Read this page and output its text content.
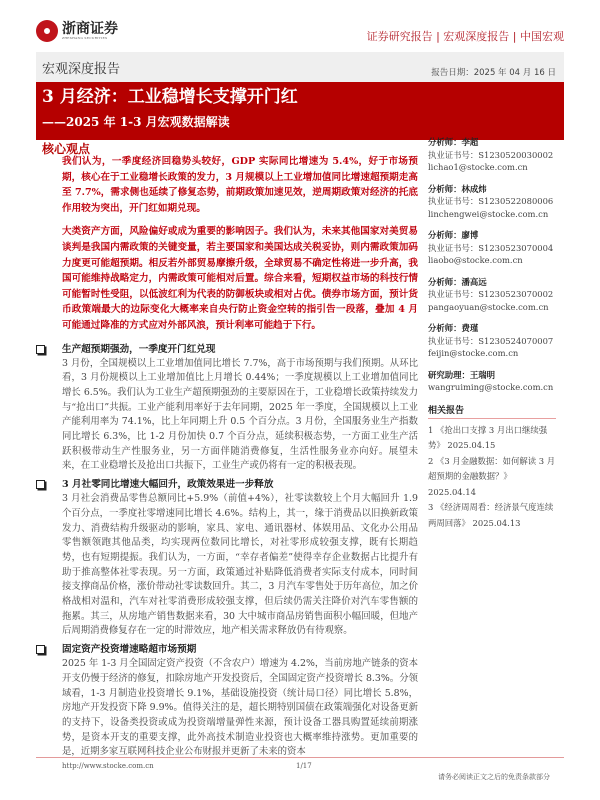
浙商证券
ZHESHANG SECURITIES	证券研究报告 | 宏观深度报告 | 中国宏观
宏观深度报告	报告日期：2025 年 04 月 16 日
3 月经济：工业稳增长支撑开门红
——2025 年 1-3 月宏观数据解读
核心观点

我们认为，一季度经济回稳势头较好，GDP 实际同比增速为 5.4%，好于市场预期，核心在于工业稳增长政策的发力，3 月规模以上工业增加值同比增速超预期走高至 7.7%，需求侧也延续了修复态势，前期政策加速见效，逆周期政策对经济的托底作用较为突出，开门红如期兑现。

大类资产方面，风险偏好或成为重要的影响因子。我们认为，未来其他国家对美贸易谈判是我国内需政策的关键变量，若主要国家和美国达成关税妥协，则内需政策加码力度更可能超预期。相反若外部贸易摩擦升级，全球贸易不确定性将进一步升高，我国可能维持战略定力，内需政策可能相对后置。综合来看，短期权益市场的科技行情可能暂时性受阻，以低波红利为代表的防御板块或相对占优。债券市场方面，预计货币政策端最大的边际变化大概率来自央行防止资金空转的指引告一段落，叠加 4 月可能通过降准的方式应对外部风浪，预计利率可能趋于下行。

生产超预期强劲，一季度开门红兑现

3 月份，全国规模以上工业增加值同比增长 7.7%，高于市场预期与我们预期。从环比看，3 月份规模以上工业增加值比上月增长 0.44%；一季度规模以上工业增加值同比增长 6.5%。我们认为工业生产超预期强劲的主要原因在于，工业稳增长政策持续发力与“抢出口”共振。工业产能利用率好于去年同期，2025 年一季度，全国规模以上工业产能利用率为 74.1%，比上年同期上升 0.5 个百分点。3 月份，全国服务业生产指数同比增长 6.3%，比 1-2 月份加快 0.7 个百分点，延续积极态势，一方面工业生产活跃积极带动生产性服务业，另一方面伴随消费修复，生活性服务业亦向好。展望未来，在工业稳增长及抢出口共振下，工业生产或仍将有一定的积极表现。

3 月社零同比增速大幅回升，政策效果进一步释放

3 月社会消费品零售总额同比+5.9%（前值+4%），社零读数较上个月大幅回升 1.9 个百分点，一季度社零增速同比增长 4.6%。结构上，其一，缘于消费品以旧换新政策发力、消费结构升级驱动的影响，家具、家电、通讯器材、体娱用品、文化办公用品零售额领跑其他品类，均实现两位数同比增长，对社零形成较强支撑，既有长期趋势，也有短期提振。我们认为，一方面，“幸存者偏差”使得幸存企业数据占比提升有助于推高整体社零表现。另一方面，政策通过补贴降低消费者实际支付成本，同时间接支撑商品价格，涨价带动社零读数回升。其二，3 月汽车零售处于历年高位，加之价格战相对温和，汽车对社零消费形成较强支撑，但后续仍需关注降价对汽车零售额的拖累。其三，从房地产销售数据来看，30 大中城市商品房销售面积小幅回暖，但地产后周期消费修复存在一定的时滞效应，地产相关需求释放仍有待观察。

固定资产投资增速略超市场预期

2025 年 1-3 月全国固定资产投资（不含农户）增速为 4.2%，当前房地产链条的资本开支仍慢于经济的修复，扣除房地产开发投资后，全国固定资产投资增长 8.3%。分领域看，1-3 月制造业投资增长 9.1%，基础设施投资（统计局口径）同比增长 5.8%，房地产开发投资下降 9.9%。值得关注的是，超长期特别国债在政策端强化对设备更新的支持下，设备类投资或成为投资端增量弹性来源，预计设备工器具购置延续前期涨势，是资本开支的重要支撑，此外高技术制造业投资也大概率维持涨势。更加重要的是，近期多家互联网科技企业公布财报并更新了未来的资本

分析师：李超
执业证书号：S1230520030002
lichao1@stocke.com.cn
分析师：林成炜
执业证书号：S1230522080006
linchengwei@stocke.com.cn
分析师：廖博
执业证书号：S1230523070004
liaobo@stocke.com.cn
分析师：潘高远
执业证书号：S1230523070002
pangaoyuan@stocke.com.cn
分析师：费瑾
执业证书号：S1230524070007
feijin@stocke.com.cn
研究助理：王瑞明
wangruiming@stocke.com.cn
相关报告
1 《抢出口支撑 3 月出口继续强势》 2025.04.15
2 《3 月金融数据：如何解读 3 月超预期的金融数据？》 2025.04.14
3 《经济周周看：经济景气度连续两周回落》 2025.04.13
http://www.stocke.com.cn	1/17
请务必阅读正文之后的免责条款部分
